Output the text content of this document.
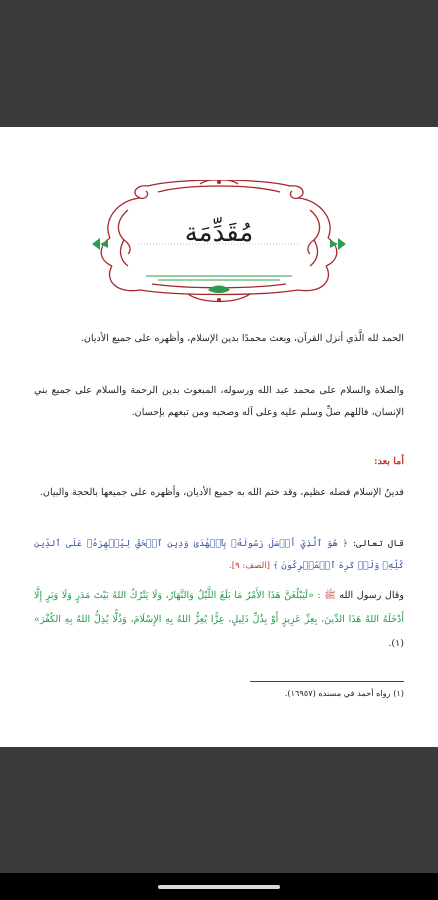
مُقَدِّمَة
الحمد لله الَّذي أنزل القرآن، وبعث محمدًا بدين الإسلام، وأظهره على جميع الأديان.
والصلاة والسلام على محمد عبد الله ورسوله، المبعوث بدين الرحمة والسلام على جميع بني الإنسان، فاللهم صلِّ وسلم عليه وعلى آله وصحبه ومن تبعهم بإحسان.
أما بعد:
فدينُ الإسلام فضله عظيم، وقد ختم الله به جميع الأديان، وأظهره على جميعها بالحجة والبيان.
قال تعالى: ﴿ هُوَ ٱلَّذِيٓ أَرۡسَلَ رَسُولَهُۥ بِٱلۡهُدَىٰ وَدِينِ ٱلۡحَقِّ لِيُظۡهِرَهُۥ عَلَى ٱلدِّينِ كُلِّهِۦ وَلَوۡ كَرِهَ ٱلۡمُشۡرِكُونَ ﴾ [الصف: ٩].
وقال رسول الله ﷺ : «لَيَبْلُغَنَّ هَذَا الأَمْرُ مَا بَلَغَ اللَّيْلُ وَالنَّهَارُ، وَلَا يَتْرُكُ اللهُ بَيْتَ مَدَرٍ وَلَا وَبَرٍ إِلَّا أَدْخَلَهُ اللهُ هَذَا الدِّينَ، بِعِزِّ عَزِيزٍ أَوْ بِذُلِّ ذَلِيلٍ، عِزًّا يُعِزُّ اللهُ بِهِ الإِسْلَامَ، وَذُلًّا يُذِلُّ اللهُ بِهِ الكُفْرَ» (١).
(١) رواه أحمد في مسنده (١٦٩٥٧).
